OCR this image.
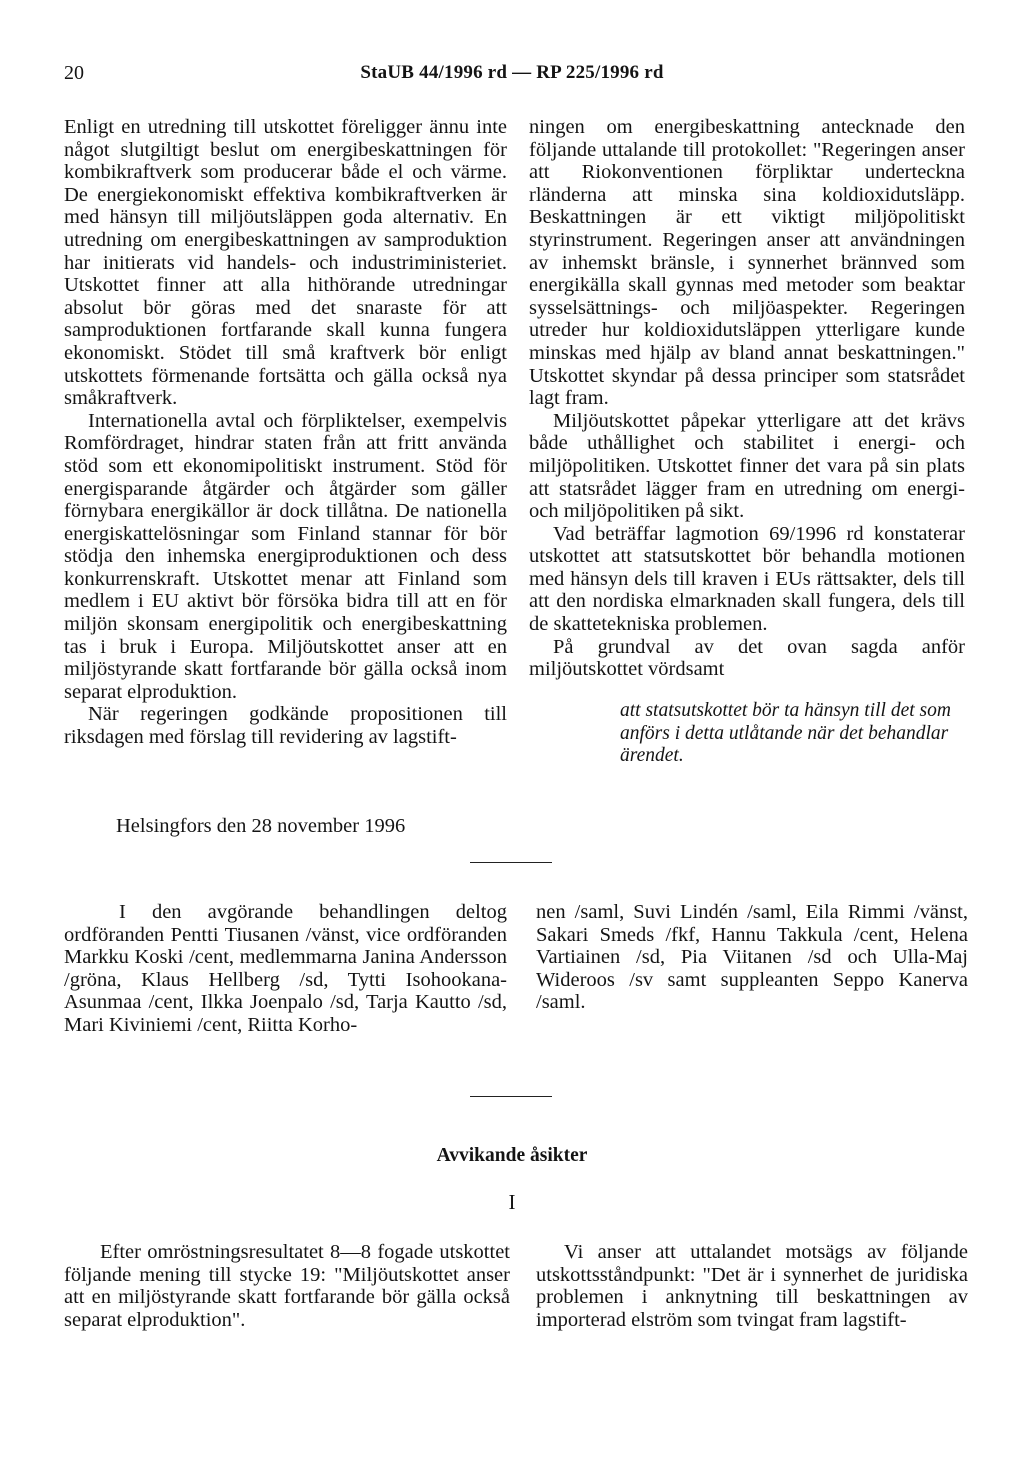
20	StaUB 44/1996 rd — RP 225/1996 rd

Enligt en utredning till utskottet föreligger ännu inte något slutgiltigt beslut om energibeskattningen för kombikraftverk som producerar både el och värme. De energiekonomiskt effektiva kombikraftverken är med hänsyn till miljöutsläppen goda alternativ. En utredning om energibeskattningen av samproduktion har initierats vid handels- och industriministeriet. Utskottet finner att alla hithörande utredningar absolut bör göras med det snaraste för att samproduktionen fortfarande skall kunna fungera ekonomiskt. Stödet till små kraftverk bör enligt utskottets förmenande fortsätta och gälla också nya småkraftverk.

Internationella avtal och förpliktelser, exempelvis Romfördraget, hindrar staten från att fritt använda stöd som ett ekonomipolitiskt instrument. Stöd för energisparande åtgärder och åtgärder som gäller förnybara energikällor är dock tillåtna. De nationella energiskattelösningar som Finland stannar för bör stödja den inhemska energiproduktionen och dess konkurrenskraft. Utskottet menar att Finland som medlem i EU aktivt bör försöka bidra till att en för miljön skonsam energipolitik och energibeskattning tas i bruk i Europa. Miljöutskottet anser att en miljöstyrande skatt fortfarande bör gälla också inom separat elproduktion.

När regeringen godkände propositionen till riksdagen med förslag till revidering av lagstift-

ningen om energibeskattning antecknade den följande uttalande till protokollet: "Regeringen anser att Riokonventionen förpliktar underteckna rländerna att minska sina koldioxidutsläpp. Beskattningen är ett viktigt miljöpolitiskt styrinstrument. Regeringen anser att användningen av inhemskt bränsle, i synnerhet brännved som energikälla skall gynnas med metoder som beaktar sysselsättnings- och miljöaspekter. Regeringen utreder hur koldioxidutsläppen ytterligare kunde minskas med hjälp av bland annat beskattningen." Utskottet skyndar på dessa principer som statsrådet lagt fram.

Miljöutskottet påpekar ytterligare att det krävs både uthållighet och stabilitet i energi- och miljöpolitiken. Utskottet finner det vara på sin plats att statsrådet lägger fram en utredning om energi- och miljöpolitiken på sikt.

Vad beträffar lagmotion 69/1996 rd konstaterar utskottet att statsutskottet bör behandla motionen med hänsyn dels till kraven i EUs rättsakter, dels till att den nordiska elmarknaden skall fungera, dels till de skattetekniska problemen.

På grundval av det ovan sagda anför miljöutskottet vördsamt

att statsutskottet bör ta hänsyn till det som anförs i detta utlåtande när det behandlar ärendet.
Helsingfors den 28 november 1996

I den avgörande behandlingen deltog ordföranden Pentti Tiusanen /vänst, vice ordföranden Markku Koski /cent, medlemmarna Janina Andersson /gröna, Klaus Hellberg /sd, Tytti Isohookana-Asunmaa /cent, Ilkka Joenpalo /sd, Tarja Kautto /sd, Mari Kiviniemi /cent, Riitta Korho-

nen /saml, Suvi Lindén /saml, Eila Rimmi /vänst, Sakari Smeds /fkf, Hannu Takkula /cent, Helena Vartiainen /sd, Pia Viitanen /sd och Ulla-Maj Wideroos /sv samt suppleanten Seppo Kanerva /saml.

Avvikande åsikter
I

Efter omröstningsresultatet 8—8 fogade utskottet följande mening till stycke 19: "Miljöutskottet anser att en miljöstyrande skatt fortfarande bör gälla också separat elproduktion".

Vi anser att uttalandet motsägs av följande utskottsståndpunkt: "Det är i synnerhet de juridiska problemen i anknytning till beskattningen av importerad elström som tvingat fram lagstift-
